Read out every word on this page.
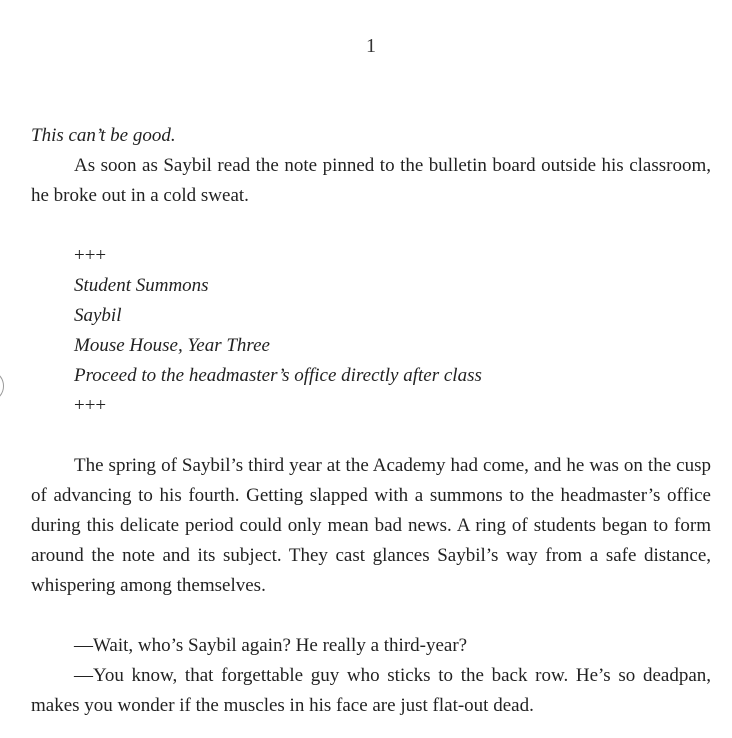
1

This can’t be good.

As soon as Saybil read the note pinned to the bulletin board outside his classroom, he broke out in a cold sweat.

+++
Student Summons
Saybil
Mouse House, Year Three
Proceed to the headmaster’s office directly after class
+++

The spring of Saybil’s third year at the Academy had come, and he was on the cusp of advancing to his fourth. Getting slapped with a summons to the headmaster’s office during this delicate period could only mean bad news. A ring of students began to form around the note and its subject. They cast glances Saybil’s way from a safe distance, whispering among themselves.

—Wait, who’s Saybil again? He really a third-year?

—You know, that forgettable guy who sticks to the back row. He’s so deadpan, makes you wonder if the muscles in his face are just flat-out dead.
